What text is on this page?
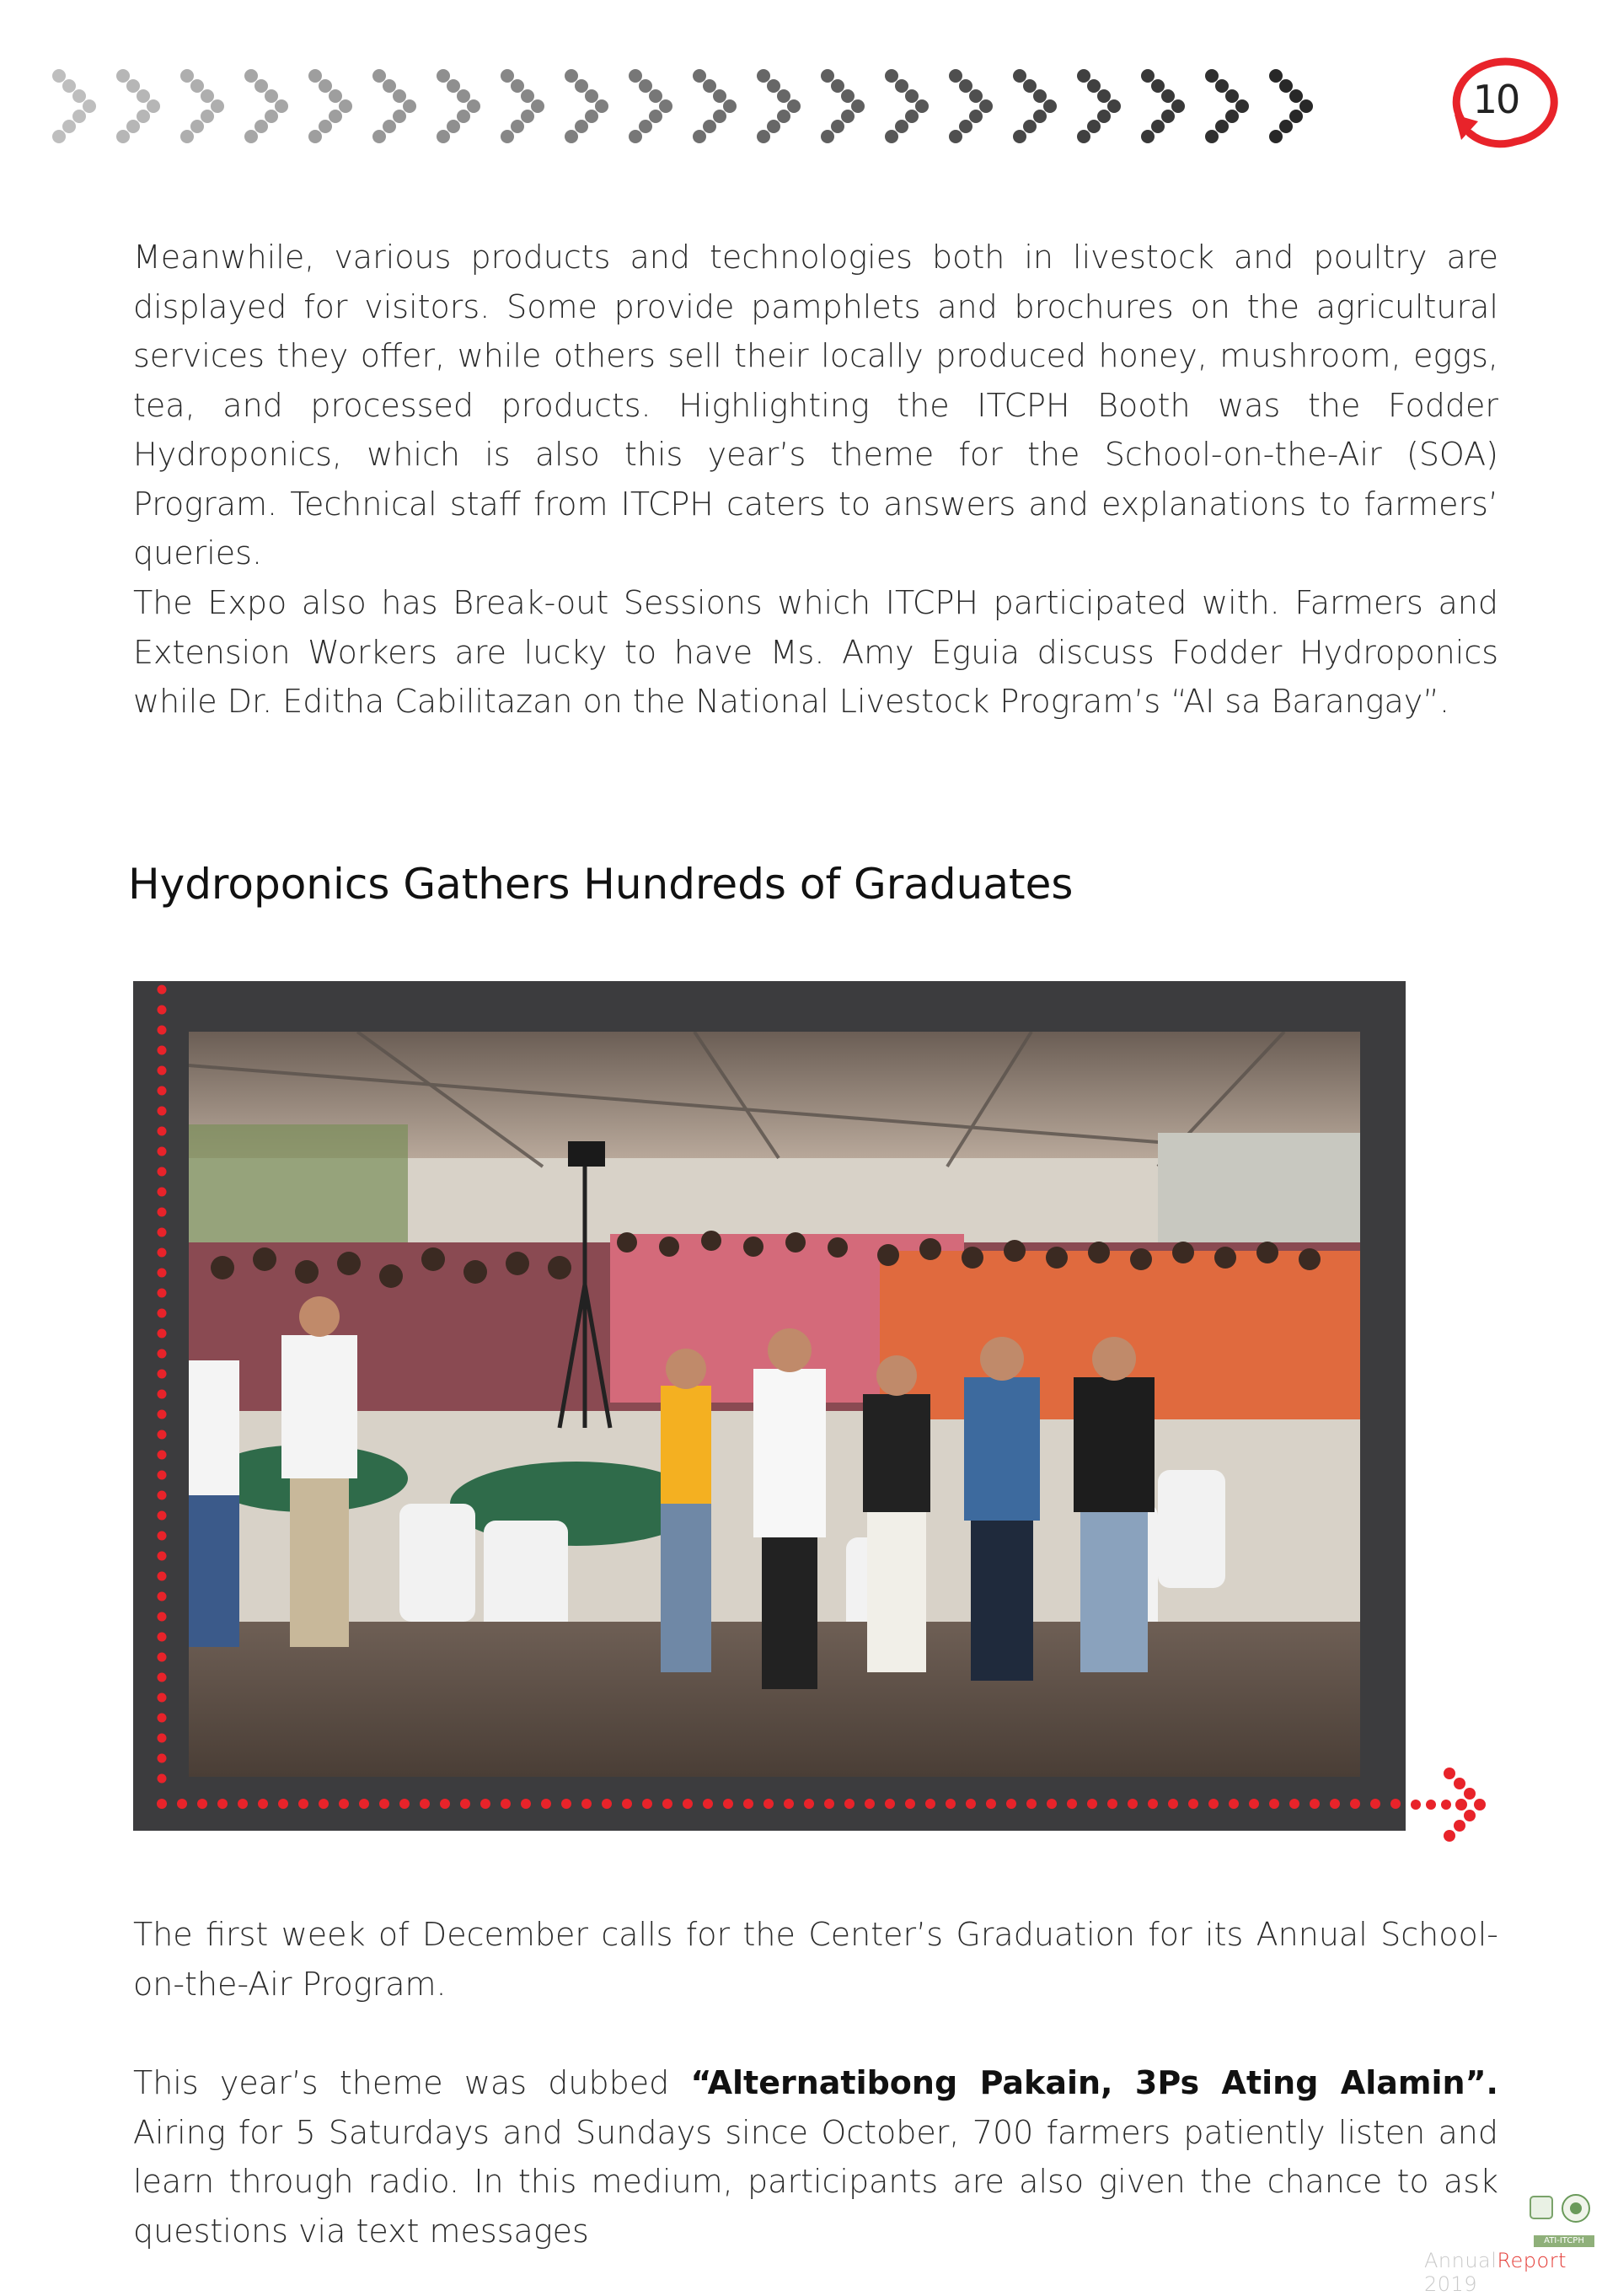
10

Meanwhile, various products and technologies both in livestock and poultry are displayed for visitors. Some provide pamphlets and brochures on the agricultural services they offer, while others sell their locally produced honey, mushroom, eggs, tea, and processed products. Highlighting the ITCPH Booth was the Fodder Hydroponics, which is also this year’s theme for the School-on-the-Air (SOA) Program. Technical staff from ITCPH caters to answers and explanations to farmers’ queries.

The Expo also has Break-out Sessions which ITCPH participated with. Farmers and Extension Workers are lucky to have Ms. Amy Eguia discuss Fodder Hydroponics while Dr. Editha Cabilitazan on the National Livestock Program’s “AI sa Barangay”.

Hydroponics Gathers Hundreds of Graduates

The first week of December calls for the Center’s Graduation for its Annual School-on-the-Air Program.

This year’s theme was dubbed “Alternatibong Pakain, 3Ps Ating Alamin”. Airing for 5 Saturdays and Sundays since October, 700 farmers patiently listen and learn through radio. In this medium, participants are also given the chance to ask questions via text messages	ATI-ITCPH
AnnualReport 2019
